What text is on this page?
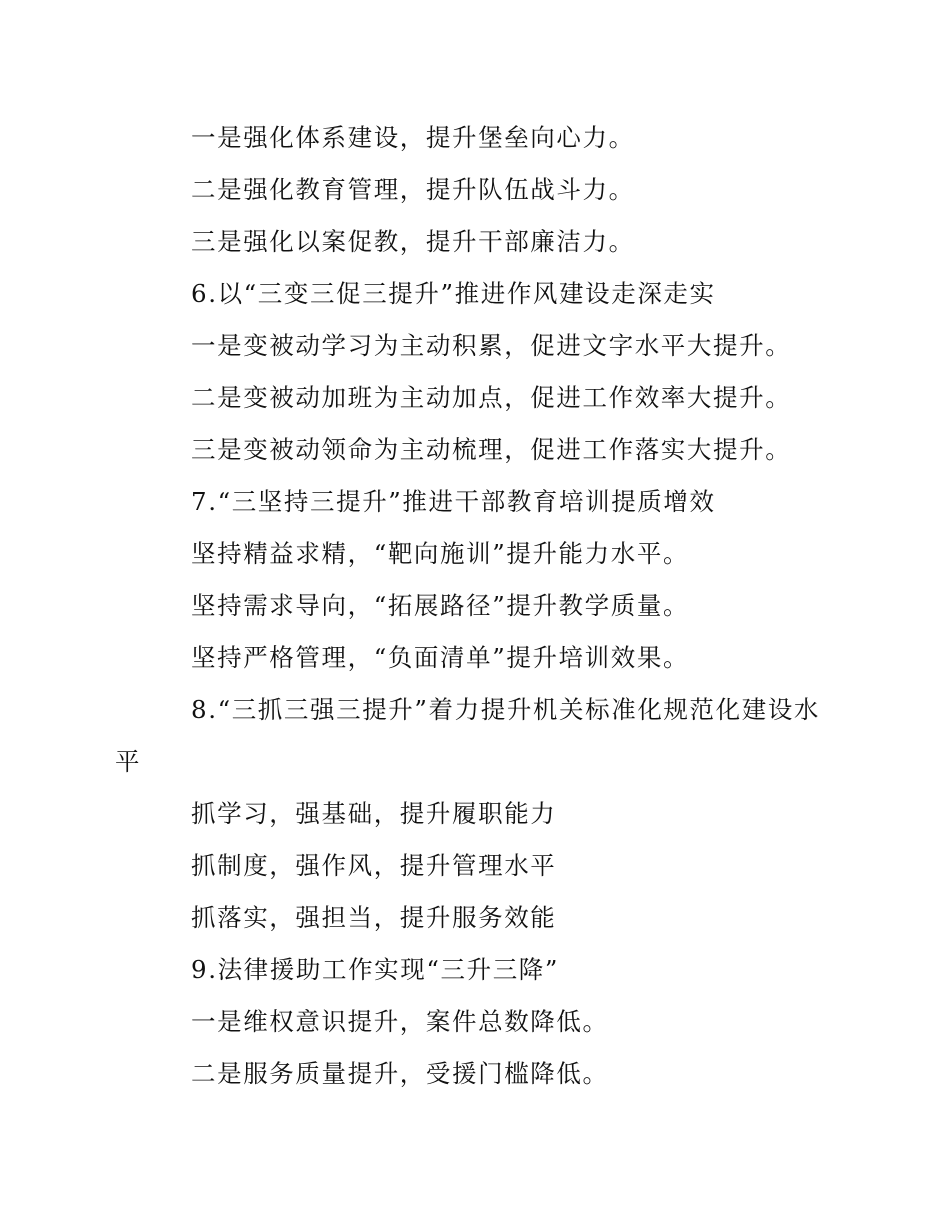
一是强化体系建设，提升堡垒向心力。
二是强化教育管理，提升队伍战斗力。
三是强化以案促教，提升干部廉洁力。
6.以“三变三促三提升”推进作风建设走深走实
一是变被动学习为主动积累，促进文字水平大提升。
二是变被动加班为主动加点，促进工作效率大提升。
三是变被动领命为主动梳理，促进工作落实大提升。
7.“三坚持三提升”推进干部教育培训提质增效
坚持精益求精，“靶向施训”提升能力水平。
坚持需求导向，“拓展路径”提升教学质量。
坚持严格管理，“负面清单”提升培训效果。
8.“三抓三强三提升”着力提升机关标准化规范化建设水
平
抓学习，强基础，提升履职能力
抓制度，强作风，提升管理水平
抓落实，强担当，提升服务效能
9.法律援助工作实现“三升三降”
一是维权意识提升，案件总数降低。
二是服务质量提升，受援门槛降低。
